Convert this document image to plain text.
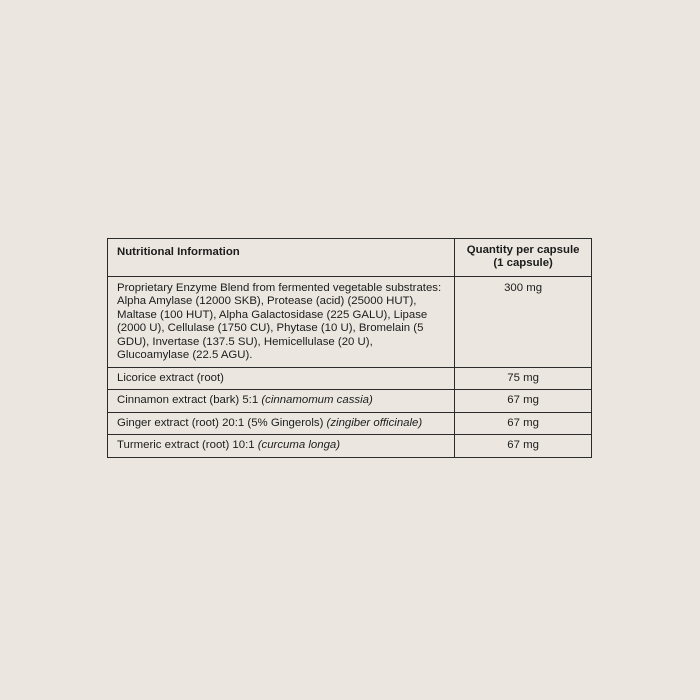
Nutritional Information	Quantity per capsule
(1 capsule)

Proprietary Enzyme Blend from fermented vegetable substrates: Alpha Amylase (12000 SKB), Protease (acid) (25000 HUT), Maltase (100 HUT), Alpha Galactosidase (225 GALU), Lipase (2000 U), Cellulase (1750 CU), Phytase (10 U), Bromelain (5 GDU), Invertase (137.5 SU), Hemicellulase (20 U), Glucoamylase (22.5 AGU).	300 mg

Licorice extract (root)	75 mg

Cinnamon extract (bark) 5:1 (cinnamomum cassia)	67 mg

Ginger extract (root) 20:1 (5% Gingerols) (zingiber officinale)	67 mg

Turmeric extract (root) 10:1 (curcuma longa)	67 mg
